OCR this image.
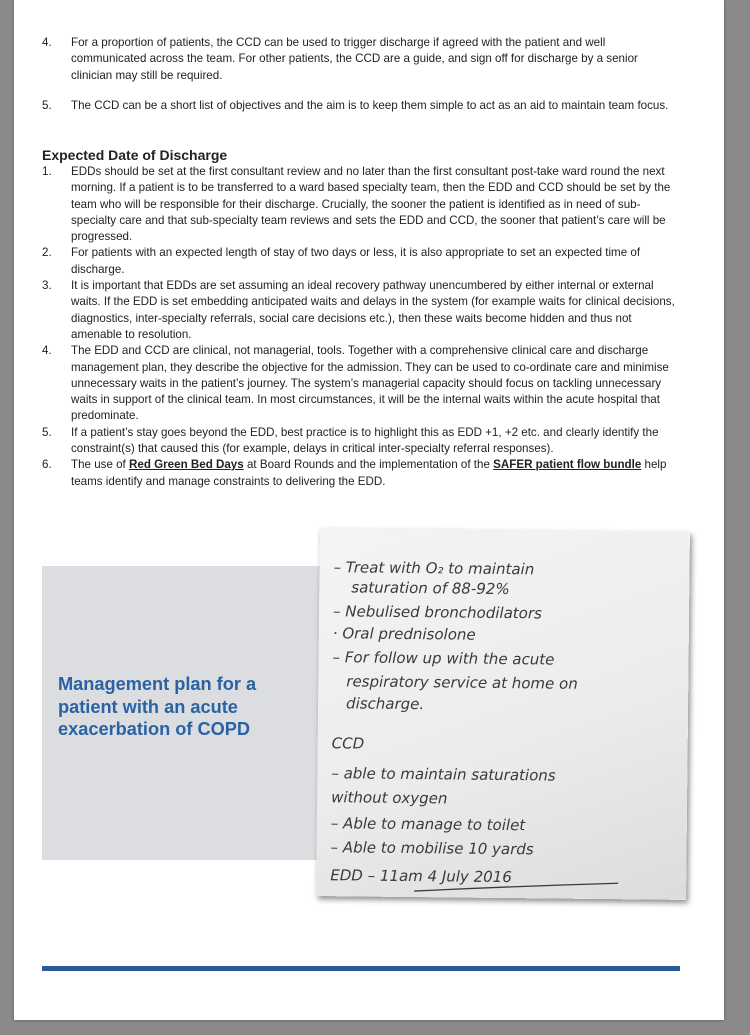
4. For a proportion of patients, the CCD can be used to trigger discharge if agreed with the patient and well communicated across the team. For other patients, the CCD are a guide, and sign off for discharge by a senior clinician may still be required.
5. The CCD can be a short list of objectives and the aim is to keep them simple to act as an aid to maintain team focus.
Expected Date of Discharge
1. EDDs should be set at the first consultant review and no later than the first consultant post-take ward round the next morning. If a patient is to be transferred to a ward based specialty team, then the EDD and CCD should be set by the team who will be responsible for their discharge. Crucially, the sooner the patient is identified as in need of sub-specialty care and that sub-specialty team reviews and sets the EDD and CCD, the sooner that patient’s care will be progressed.
2. For patients with an expected length of stay of two days or less, it is also appropriate to set an expected time of discharge.
3. It is important that EDDs are set assuming an ideal recovery pathway unencumbered by either internal or external waits. If the EDD is set embedding anticipated waits and delays in the system (for example waits for clinical decisions, diagnostics, inter-specialty referrals, social care decisions etc.), then these waits become hidden and thus not amenable to resolution.
4. The EDD and CCD are clinical, not managerial, tools. Together with a comprehensive clinical care and discharge management plan, they describe the objective for the admission. They can be used to co-ordinate care and minimise unnecessary waits in the patient’s journey. The system’s managerial capacity should focus on tackling unnecessary waits in support of the clinical team. In most circumstances, it will be the internal waits within the acute hospital that predominate.
5. If a patient’s stay goes beyond the EDD, best practice is to highlight this as EDD +1, +2 etc. and clearly identify the constraint(s) that caused this (for example, delays in critical inter-specialty referral responses).
6. The use of Red Green Bed Days at Board Rounds and the implementation of the SAFER patient flow bundle help teams identify and manage constraints to delivering the EDD.
Management plan for a patient with an acute exacerbation of COPD
– Treat with O₂ to maintain
saturation of 88-92%
– Nebulised bronchodilators
· Oral prednisolone
– For follow up with the acute
respiratory service at home on
discharge.
CCD
– able to maintain saturations
without oxygen
– Able to manage to toilet
– Able to mobilise 10 yards
EDD – 11am 4 July 2016
